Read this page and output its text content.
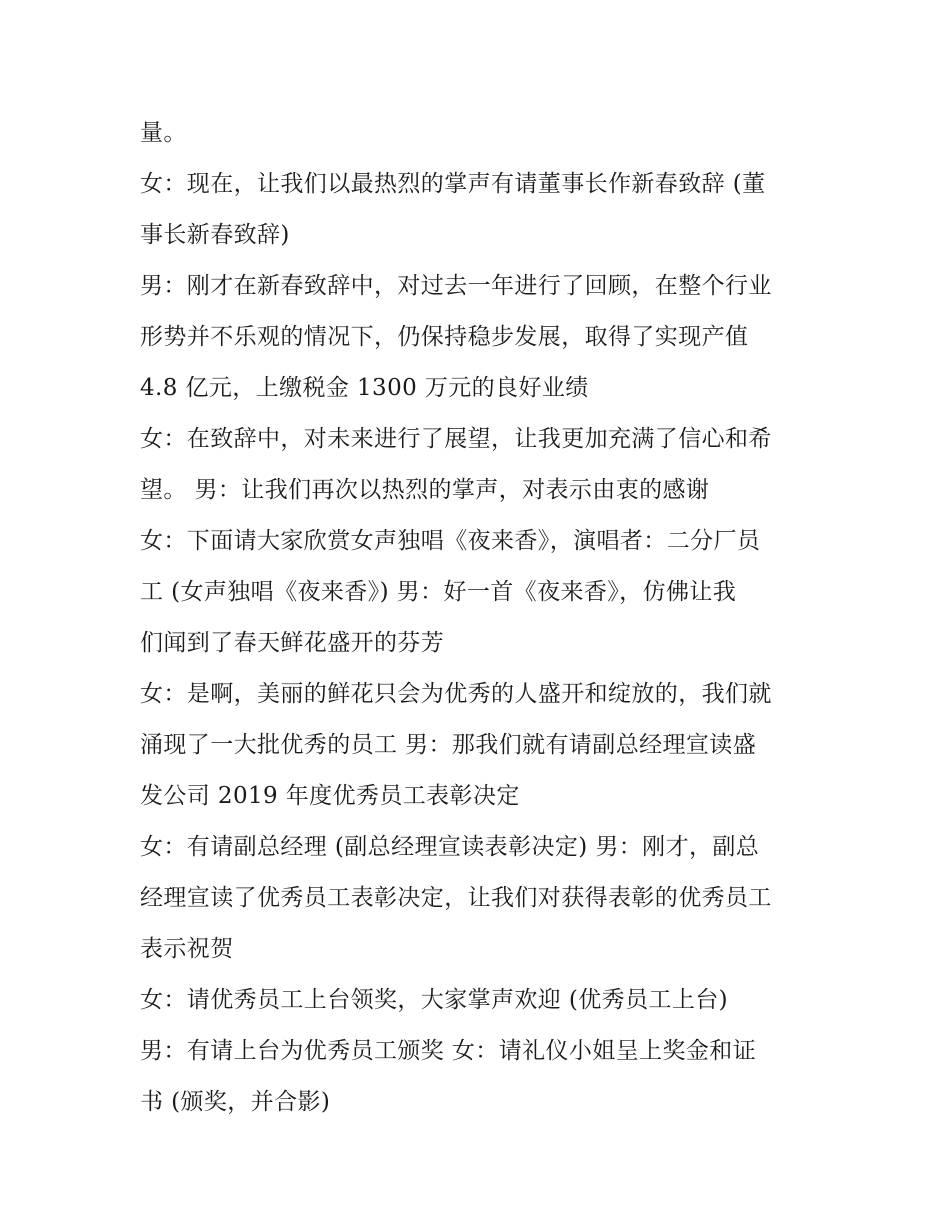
量。
女：现在，让我们以最热烈的掌声有请董事长作新春致辞 (董
事长新春致辞)
男：刚才在新春致辞中，对过去一年进行了回顾，在整个行业
形势并不乐观的情况下，仍保持稳步发展，取得了实现产值
4.8 亿元，上缴税金 1300 万元的良好业绩
女：在致辞中，对未来进行了展望，让我更加充满了信心和希
望。 男：让我们再次以热烈的掌声，对表示由衷的感谢
女：下面请大家欣赏女声独唱《夜来香》，演唱者：二分厂员
工 (女声独唱《夜来香》) 男：好一首《夜来香》，仿佛让我
们闻到了春天鲜花盛开的芬芳
女：是啊，美丽的鲜花只会为优秀的人盛开和绽放的，我们就
涌现了一大批优秀的员工 男：那我们就有请副总经理宣读盛
发公司 2019 年度优秀员工表彰决定
女：有请副总经理 (副总经理宣读表彰决定) 男：刚才，副总
经理宣读了优秀员工表彰决定，让我们对获得表彰的优秀员工
表示祝贺
女：请优秀员工上台领奖，大家掌声欢迎 (优秀员工上台)
男：有请上台为优秀员工颁奖 女：请礼仪小姐呈上奖金和证
书 (颁奖，并合影)
